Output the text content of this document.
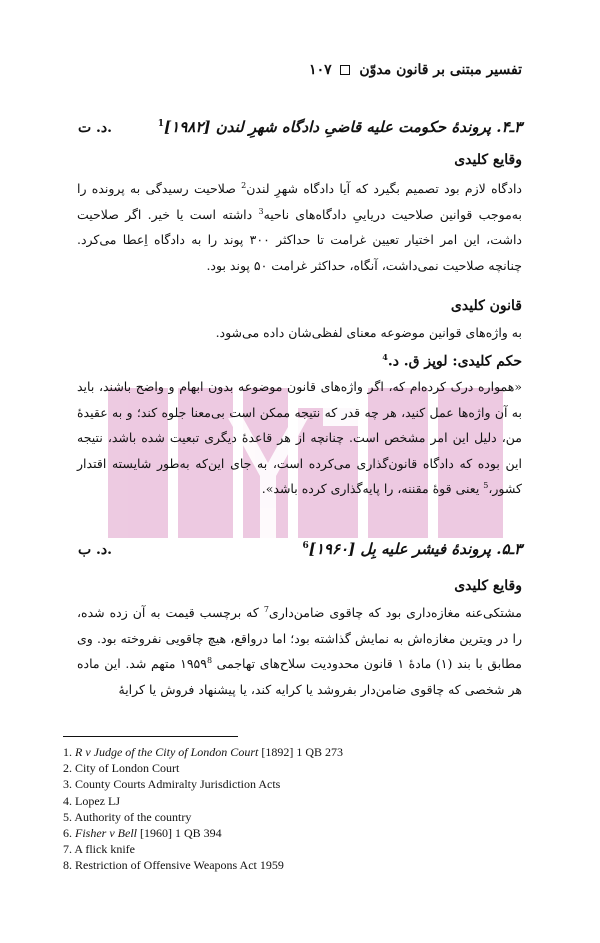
تفسیر مبتنی بر قانون مدوّن  ۱۰۷
۳ـ۴. پروندهٔ حکومت علیه قاضیِ دادگاه شهرِ لندن [۱۹۸۲]$^1$
د. ت.
وقایع کلیدی
دادگاه لازم بود تصمیم بگیرد که آیا دادگاه شهرِ لندن$^2$ صلاحیت رسیدگی به پرونده را به‌موجب قوانین صلاحیت دریاییِ دادگاه‌های ناحیه$^3$ داشته است یا خیر. اگر صلاحیت داشت، این امر اختیار تعیین غرامت تا حداکثر ۳۰۰ پوند را به دادگاه اِعطا می‌کرد. چنانچه صلاحیت نمی‌داشت، آنگاه، حداکثر غرامت ۵۰ پوند بود.
قانون کلیدی
به واژه‌های قوانین موضوعه معنای لفظی‌شان داده می‌شود.
حکم کلیدی: لوپز ق. د.$^4$
«همواره درک کرده‌ام که، اگر واژه‌های قانون موضوعه بدون ابهام و واضح باشند، باید به آن واژه‌ها عمل کنید، هر چه قدر که نتیجه ممکن است بی‌معنا جلوه کند؛ و به عقیدهٔ من، دلیل این امر مشخص است. چنانچه از هر قاعدهٔ دیگری تبعیت شده باشد، نتیجه این بوده که دادگاه قانون‌گذاری می‌کرده است، به جای این‌که به‌طور شایسته اقتدار کشور،$^5$ یعنی قوهٔ مقننه، را پایه‌گذاری کرده باشد».
۳ـ۵. پروندهٔ فیشر علیه بِل [۱۹۶۰]$^6$
د. ب.
وقایع کلیدی
مشتکی‌عنه مغازه‌داری بود که چاقوی ضامن‌داری$^7$ که برچسب قیمت به آن زده شده، را در ویترین مغازه‌اش به نمایش گذاشته بود؛ اما درواقع، هیچ چاقویی نفروخته بود. وی مطابق با بند (۱) مادهٔ ۱ قانون محدودیت سلاح‌های تهاجمی ۱۹۵۹$^8$ متهم شد. این ماده هر شخصی که چاقوی ضامن‌دار بفروشد یا کرایه کند، یا پیشنهاد فروش یا کرایهٔ
1. R v Judge of the City of London Court [1892] 1 QB 273
2. City of London Court
3. County Courts Admiralty Jurisdiction Acts
4. Lopez LJ
5. Authority of the country
6. Fisher v Bell [1960] 1 QB 394
7. A flick knife
8. Restriction of Offensive Weapons Act 1959
